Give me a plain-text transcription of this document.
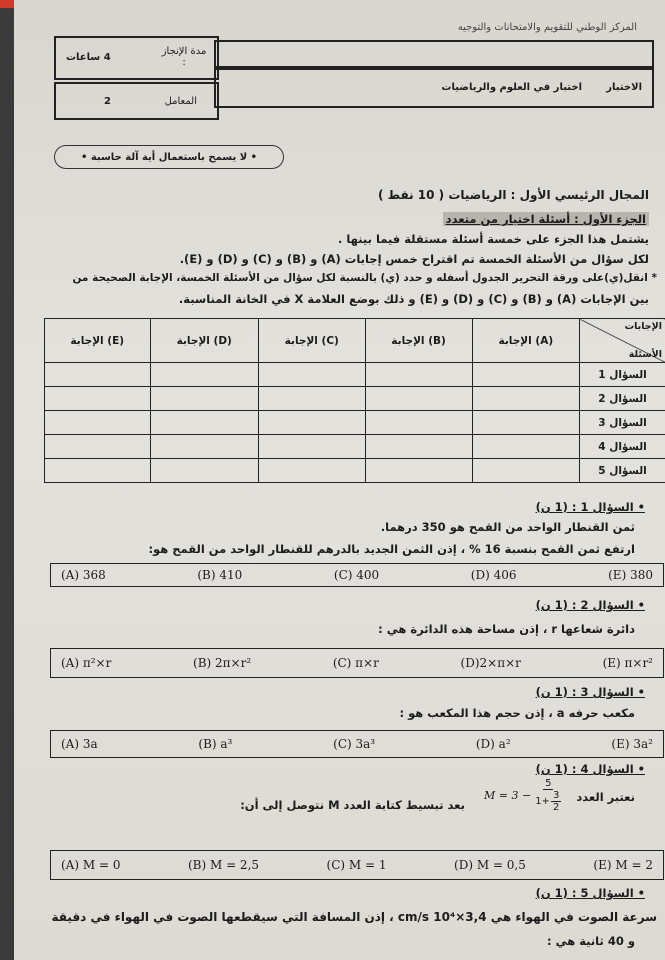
المركز الوطني للتقويم والامتحانات والتوجيه
مدة الإنجاز :
4 ساعات
المعامل
2
الاختبار
اختبار في العلوم والرياضيات
• لا يسمح باستعمال أية آلة حاسبة •
المجال الرئيسي الأول : الرياضيات ( 10 نقط )
الجزء الأول : أسئلة اختيار من متعدد
يشتمل هذا الجزء على خمسة أسئلة مستقلة فيما بينها .
لكل سؤال من الأسئلة الخمسة تم اقتراح خمس إجابات (A) و (B) و (C) و (D) و (E).
* انقل(ي)على ورقة التحرير الجدول أسفله و حدد (ي) بالنسبة لكل سؤال من الأسئلة الخمسة، الإجابة الصحيحة من
بين الإجابات (A) و (B) و (C) و (D) و (E) و ذلك بوضع العلامة X في الخانة المناسبة.
الإجابة (E)	الإجابة (D)	الإجابة (C)	الإجابة (B)	الإجابة (A)	الإجابات
الأسئلة

					السؤال 1
					السؤال 2
					السؤال 3
					السؤال 4
					السؤال 5
• السؤال 1 : (1 ن)
ثمن القنطار الواحد من القمح هو 350 درهما.
ارتفع ثمن القمح بنسبة 16 % ، إذن الثمن الجديد بالدرهم للقنطار الواحد من القمح هو:
(A) 368	(B) 410	(C) 400	(D) 406	(E) 380
• السؤال 2 : (1 ن)
دائرة شعاعها r ، إذن مساحة هذه الدائرة هي :
(A) π²×r	(B) 2π×r²	(C) π×r	(D)2×π×r	(E) π×r²
• السؤال 3 : (1 ن)
مكعب حرفه a ، إذن حجم هذا المكعب هو :
(A) 3a	(B) a³	(C) 3a³	(D) a²	(E) 3a²
• السؤال 4 : (1 ن)
نعتبر العدد
$M = 3 - \frac{5}{1+ \frac{3}{2}}$
بعد تبسيط كتابة العدد M نتوصل إلى أن:
(A) M = 0	(B) M = 2,5	(C) M = 1	(D) M = 0,5	(E) M = 2
• السؤال 5 : (1 ن)
سرعة الصوت في الهواء هي 3,4×10⁴ cm/s ، إذن المسافة التي سيقطعها الصوت في الهواء في دقيقة
و 40 ثانية هي :
